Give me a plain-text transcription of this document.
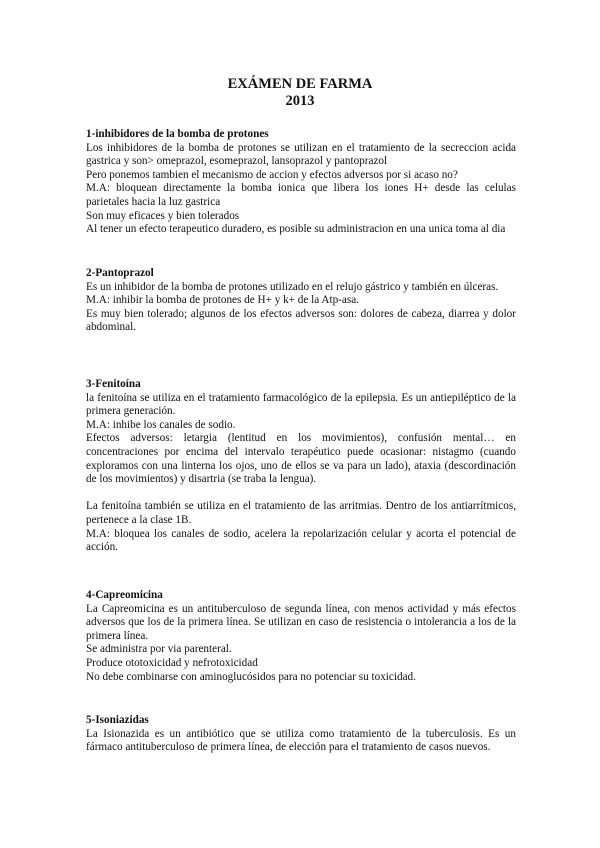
EXÁMEN DE FARMA
2013
1-inhibidores de la bomba de protones

Los inhibidores de la bomba de protones se utilizan en el tratamiento de la secreccion acida gastrica y son> omeprazol, esomeprazol, lansoprazol y pantoprazol

Pero ponemos tambien el mecanismo de accion y efectos adversos por si acaso no?

M.A: bloquean directamente la bomba ionica que libera los iones H+ desde las celulas parietales hacia la luz gastrica

Son muy eficaces y bien tolerados

Al tener un efecto terapeutico duradero, es posible su administracion en una unica toma al dia

2-Pantoprazol

Es un inhibidor de la bomba de protones utilizado en el relujo gástrico y también en úlceras.

M.A: inhibir la bomba de protones de H+ y k+ de la Atp-asa.

Es muy bien tolerado; algunos de los efectos adversos son: dolores de cabeza, diarrea y dolor abdominal.

3-Fenitoína

la fenitoína se utiliza en el tratamiento farmacológico de la epilepsia. Es un antiepiléptico de la primera generación.

M.A: inhibe los canales de sodio.

Efectos adversos: letargia (lentitud en los movimientos), confusión mental… en concentraciones por encima del intervalo terapéutico puede ocasionar: nistagmo (cuando exploramos con una linterna los ojos, uno de ellos se va para un lado), ataxia (descordinación de los movimientos) y disartria (se traba la lengua).

La fenitoína también se utiliza en el tratamiento de las arritmias. Dentro de los antiarrítmicos, pertenece a la clase 1B.

M.A: bloquea los canales de sodio, acelera la repolarización celular y acorta el potencial de acción.

4-Capreomicina

La Capreomicina es un antituberculoso de segunda línea, con menos actividad y más efectos adversos que los de la primera línea. Se utilizan en caso de resistencia o intolerancia a los de la primera línea.

Se administra por via parenteral.

Produce ototoxicidad y nefrotoxicidad

No debe combinarse con aminoglucósidos para no potenciar su toxicidad.

5-Isoniazidas

La Isionazida es un antibiótico que se utiliza como tratamiento de la tuberculosis. Es un fármaco antituberculoso de primera línea, de elección para el tratamiento de casos nuevos.
